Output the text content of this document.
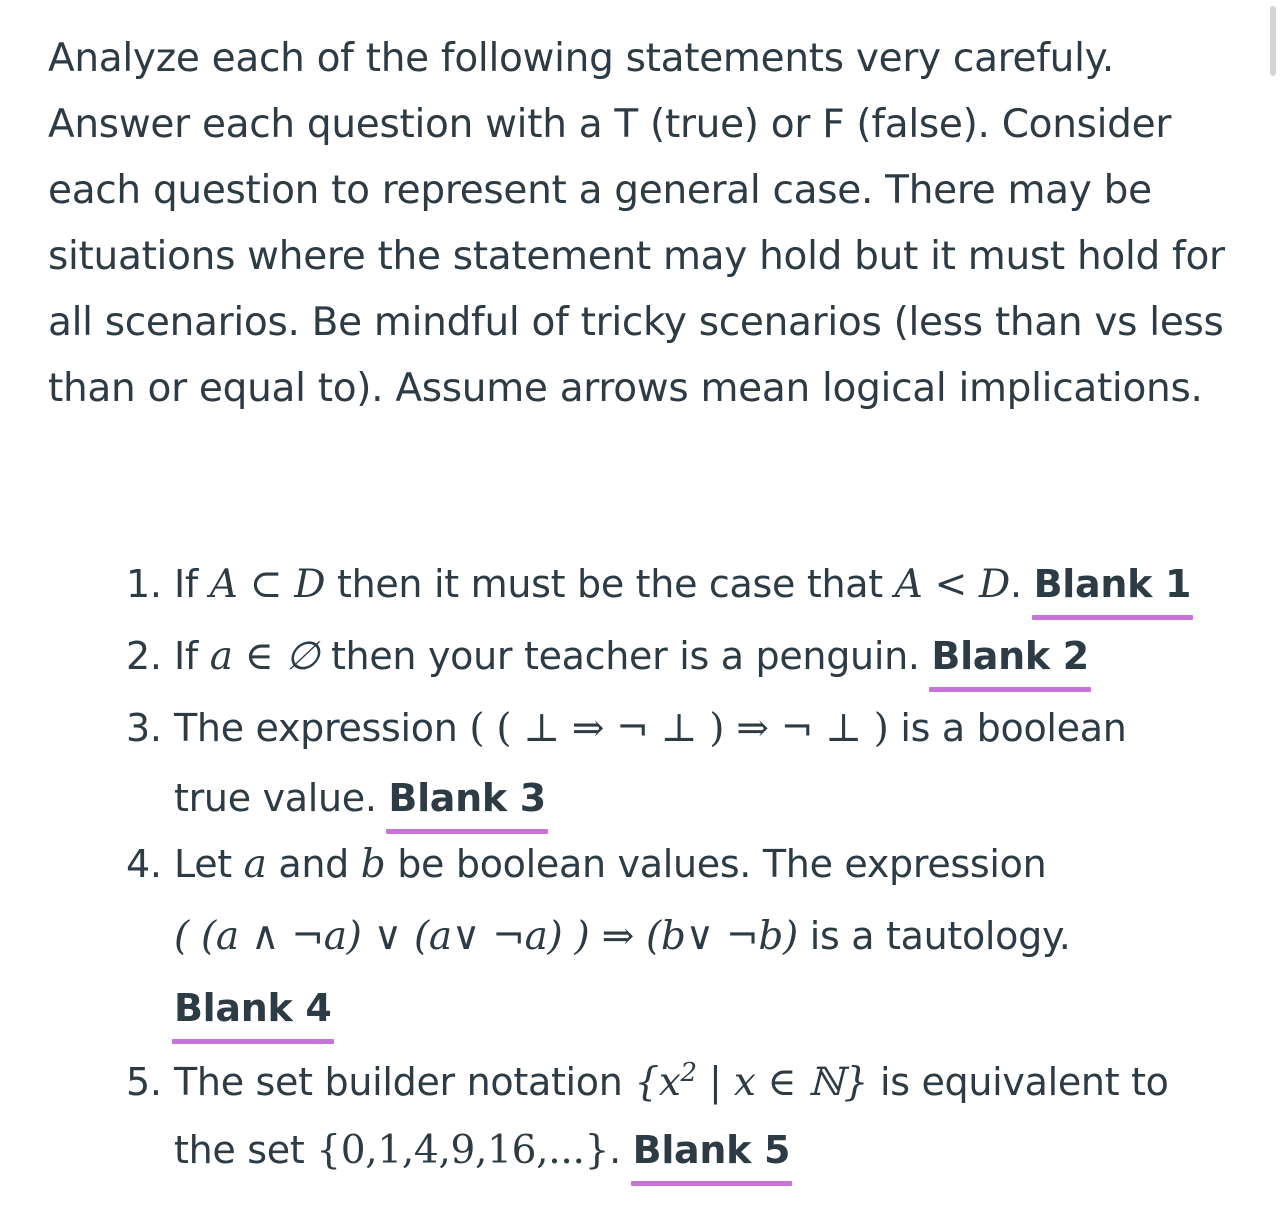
Analyze each of the following statements very carefuly. Answer each question with a T (true) or F (false). Consider each question to represent a general case. There may be situations where the statement may hold but it must hold for all scenarios. Be mindful of tricky scenarios (less than vs less than or equal to). Assume arrows mean logical implications.

1. If A ⊂ D then it must be the case that A < D. Blank 1
2. If a ∈ ∅ then your teacher is a penguin. Blank 2
3. The expression ( ( ⊥ ⇒ ¬ ⊥ ) ⇒ ¬ ⊥ ) is a boolean
true value. Blank 3
4. Let a and b be boolean values. The expression
( (a ∧ ¬a) ∨ (a∨ ¬a) ) ⇒ (b∨ ¬b) is a tautology.
Blank 4
5. The set builder notation {$x^2$ | x ∈ ℕ} is equivalent to
the set {0,1,4,9,16,...}. Blank 5
